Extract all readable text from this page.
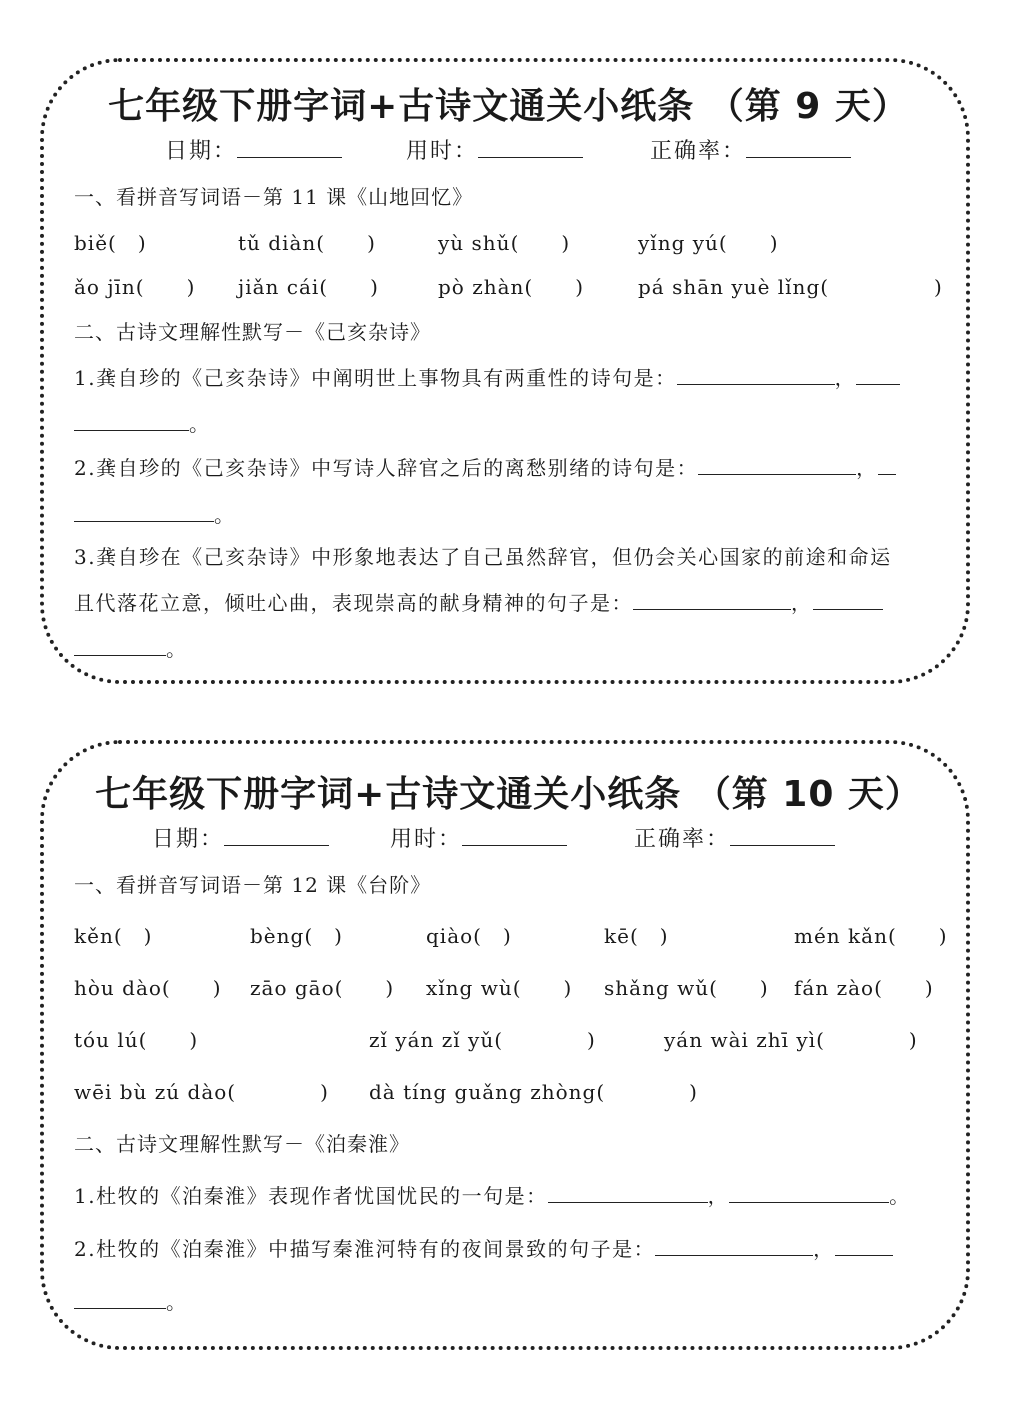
七年级下册字词+古诗文通关小纸条 （第 9 天）
日期：	用时：	正确率：
一、看拼音写词语－第 11 课《山地回忆》
biě(　)	tǔ diàn(　　)	yù shǔ(　　)	yǐng yú(　　)
ǎo jīn(　　) jiǎn cái(　　)	pò zhàn(　　)	pá shān yuè lǐng(　　　　　)
二、古诗文理解性默写－《己亥杂诗》
1.龚自珍的《己亥杂诗》中阐明世上事物具有两重性的诗句是：	，
。
2.龚自珍的《己亥杂诗》中写诗人辞官之后的离愁别绪的诗句是：	，
。
3.龚自珍在《己亥杂诗》中形象地表达了自己虽然辞官，但仍会关心国家的前途和命运
且代落花立意，倾吐心曲，表现崇高的献身精神的句子是：	，
。
七年级下册字词+古诗文通关小纸条 （第 10 天）
日期：	用时：	正确率：
一、看拼音写词语－第 12 课《台阶》
kěn(　)	bèng(　)	qiào(　)	kē(　)	mén kǎn(　　)
hòu dào(　　) zāo gāo(　　) xǐng wù(　　) shǎng wǔ(　　) fán zào(　　)
tóu lú(　　)	zǐ yán zǐ yǔ(　　　　)	yán wài zhī yì(　　　　)
wēi bù zú dào(　　　　) dà tíng guǎng zhòng(　　　　)
二、古诗文理解性默写－《泊秦淮》
1.杜牧的《泊秦淮》表现作者忧国忧民的一句是：	，	。
2.杜牧的《泊秦淮》中描写秦淮河特有的夜间景致的句子是：	，
。
